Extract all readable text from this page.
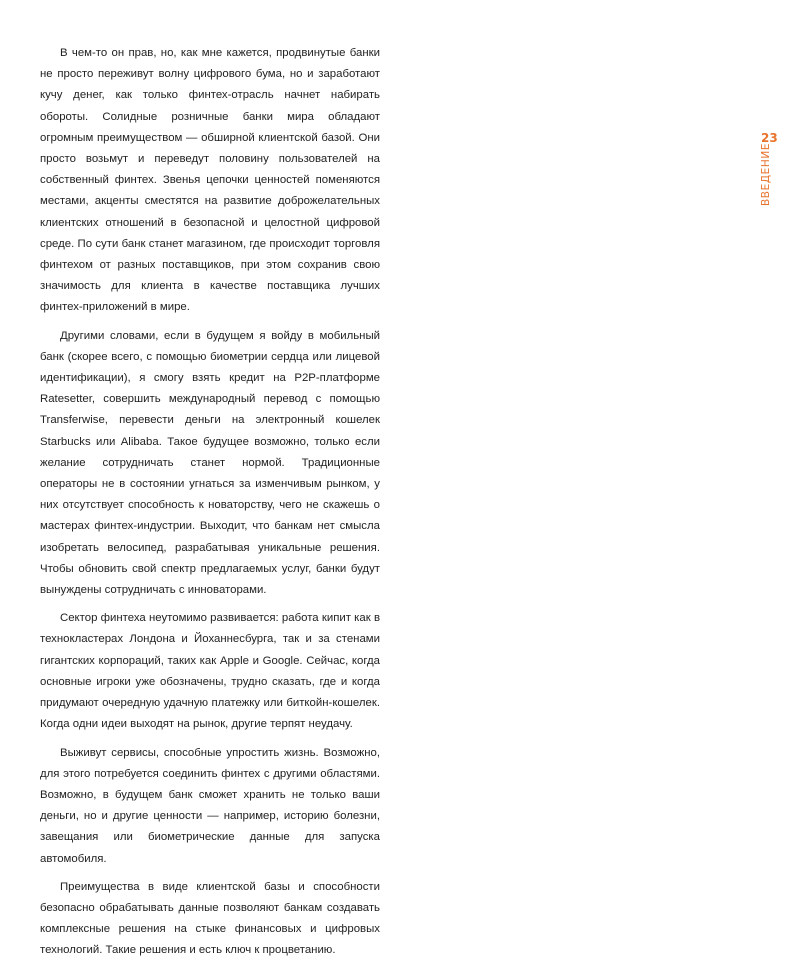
В чем-то он прав, но, как мне кажется, продвинутые банки не просто переживут волну цифрового бума, но и заработают кучу денег, как только финтех-отрасль начнет набирать обороты. Солидные розничные банки мира обладают огромным преимуществом — обширной клиентской базой. Они просто возьмут и переведут половину пользователей на собственный финтех. Звенья цепочки ценностей поменяются местами, акценты сместятся на развитие доброжелательных клиентских отношений в безопасной и целостной цифровой среде. По сути банк станет магазином, где происходит торговля финтехом от разных поставщиков, при этом сохранив свою значимость для клиента в качестве поставщика лучших финтех-приложений в мире.

Другими словами, если в будущем я войду в мобильный банк (скорее всего, с помощью биометрии сердца или лицевой идентификации), я смогу взять кредит на P2P-платформе Ratesetter, совершить международный перевод с помощью Transferwise, перевести деньги на электронный кошелек Starbucks или Alibaba. Такое будущее возможно, только если желание сотрудничать станет нормой. Традиционные операторы не в состоянии угнаться за изменчивым рынком, у них отсутствует способность к новаторству, чего не скажешь о мастерах финтех-индустрии. Выходит, что банкам нет смысла изобретать велосипед, разрабатывая уникальные решения. Чтобы обновить свой спектр предлагаемых услуг, банки будут вынуждены сотрудничать с инноваторами.

Сектор финтеха неутомимо развивается: работа кипит как в технокластерах Лондона и Йоханнесбурга, так и за стенами гигантских корпораций, таких как Apple и Google. Сейчас, когда основные игроки уже обозначены, трудно сказать, где и когда придумают очередную удачную платежку или биткойн-кошелек. Когда одни идеи выходят на рынок, другие терпят неудачу.

Выживут сервисы, способные упростить жизнь. Возможно, для этого потребуется соединить финтех с другими областями. Возможно, в будущем банк сможет хранить не только ваши деньги, но и другие ценности — например, историю болезни, завещания или биометрические данные для запуска автомобиля.

Преимущества в виде клиентской базы и способности безопасно обрабатывать данные позволяют банкам создавать комплексные решения на стыке финансовых и цифровых технологий. Такие решения и есть ключ к процветанию.

23
ВВЕДЕНИЕ
